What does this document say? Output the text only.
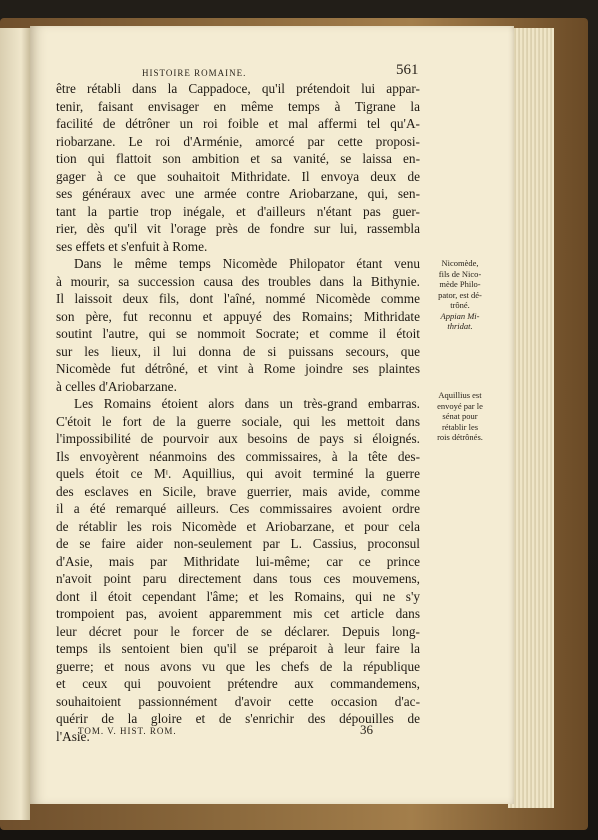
HISTOIRE ROMAINE.	561
être rétabli dans la Cappadoce, qu'il prétendoit lui appar-
tenir, faisant envisager en même temps à Tigrane la
facilité de détrôner un roi foible et mal affermi tel qu'A-
riobarzane. Le roi d'Arménie, amorcé par cette proposi-
tion qui flattoit son ambition et sa vanité, se laissa en-
gager à ce que souhaitoit Mithridate. Il envoya deux de
ses généraux avec une armée contre Ariobarzane, qui, sen-
tant la partie trop inégale, et d'ailleurs n'étant pas guer-
rier, dès qu'il vit l'orage près de fondre sur lui, rassembla
ses effets et s'enfuit à Rome.
Dans le même temps Nicomède Philopator étant venu
à mourir, sa succession causa des troubles dans la Bithynie.
Il laissoit deux fils, dont l'aîné, nommé Nicomède comme
son père, fut reconnu et appuyé des Romains; Mithridate
soutint l'autre, qui se nommoit Socrate; et comme il étoit
sur les lieux, il lui donna de si puissans secours, que
Nicomède fut détrôné, et vint à Rome joindre ses plaintes
à celles d'Ariobarzane.
Les Romains étoient alors dans un très-grand embarras.
C'étoit le fort de la guerre sociale, qui les mettoit dans
l'impossibilité de pourvoir aux besoins de pays si éloignés.
Ils envoyèrent néanmoins des commissaires, à la tête des-
quels étoit ce Mᶦ. Aquillius, qui avoit terminé la guerre
des esclaves en Sicile, brave guerrier, mais avide, comme
il a été remarqué ailleurs. Ces commissaires avoient ordre
de rétablir les rois Nicomède et Ariobarzane, et pour cela
de se faire aider non-seulement par L. Cassius, proconsul
d'Asie, mais par Mithridate lui-même; car ce prince
n'avoit point paru directement dans tous ces mouvemens,
dont il étoit cependant l'âme; et les Romains, qui ne s'y
trompoient pas, avoient apparemment mis cet article dans
leur décret pour le forcer de se déclarer. Depuis long-
temps ils sentoient bien qu'il se préparoit à leur faire la
guerre; et nous avons vu que les chefs de la république
et ceux qui pouvoient prétendre aux commandemens,
souhaitoient passionnément d'avoir cette occasion d'ac-
quérir de la gloire et de s'enrichir des dépouilles de
l'Asie.
Nicomède,
fils de Nico-
mède Philo-
pator, est dé-
trôné.
Appian Mi-
thridat.
Aquillius est
envoyé par le
sénat pour
rétablir les
rois détrônés.
TOM. V. HIST. ROM.	36
